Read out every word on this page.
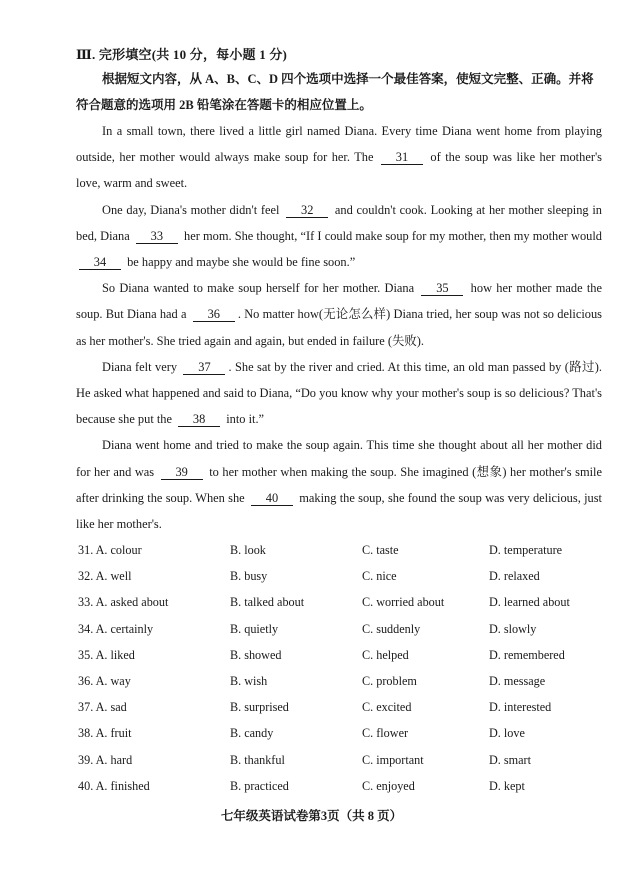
Ⅲ. 完形填空(共 10 分，每小题 1 分)
根据短文内容，从 A、B、C、D 四个选项中选择一个最佳答案，使短文完整、正确。并将符合题意的选项用 2B 铅笔涂在答题卡的相应位置上。

In a small town, there lived a little girl named Diana. Every time Diana went home from playing outside, her mother would always make soup for her. The 31 of the soup was like her mother's love, warm and sweet.

One day, Diana's mother didn't feel 32 and couldn't cook. Looking at her mother sleeping in bed, Diana 33 her mom. She thought, “If I could make soup for my mother, then my mother would 34 be happy and maybe she would be fine soon.”

So Diana wanted to make soup herself for her mother. Diana 35 how her mother made the soup. But Diana had a 36 . No matter how(无论怎么样) Diana tried, her soup was not so delicious as her mother's. She tried again and again, but ended in failure (失败).

Diana felt very 37 . She sat by the river and cried. At this time, an old man passed by (路过). He asked what happened and said to Diana, “Do you know why your mother's soup is so delicious? That's because she put the 38 into it.”

Diana went home and tried to make the soup again. This time she thought about all her mother did for her and was 39 to her mother when making the soup. She imagined (想象) her mother's smile after drinking the soup. When she 40 making the soup, she found the soup was very delicious, just like her mother's.

31. A. colour	B. look	C. taste	D. temperature
32. A. well	B. busy	C. nice	D. relaxed
33. A. asked about	B. talked about	C. worried about	D. learned about
34. A. certainly	B. quietly	C. suddenly	D. slowly
35. A. liked	B. showed	C. helped	D. remembered
36. A. way	B. wish	C. problem	D. message
37. A. sad	B. surprised	C. excited	D. interested
38. A. fruit	B. candy	C. flower	D. love
39. A. hard	B. thankful	C. important	D. smart
40. A. finished	B. practiced	C. enjoyed	D. kept
七年级英语试卷第3页（共 8 页）
